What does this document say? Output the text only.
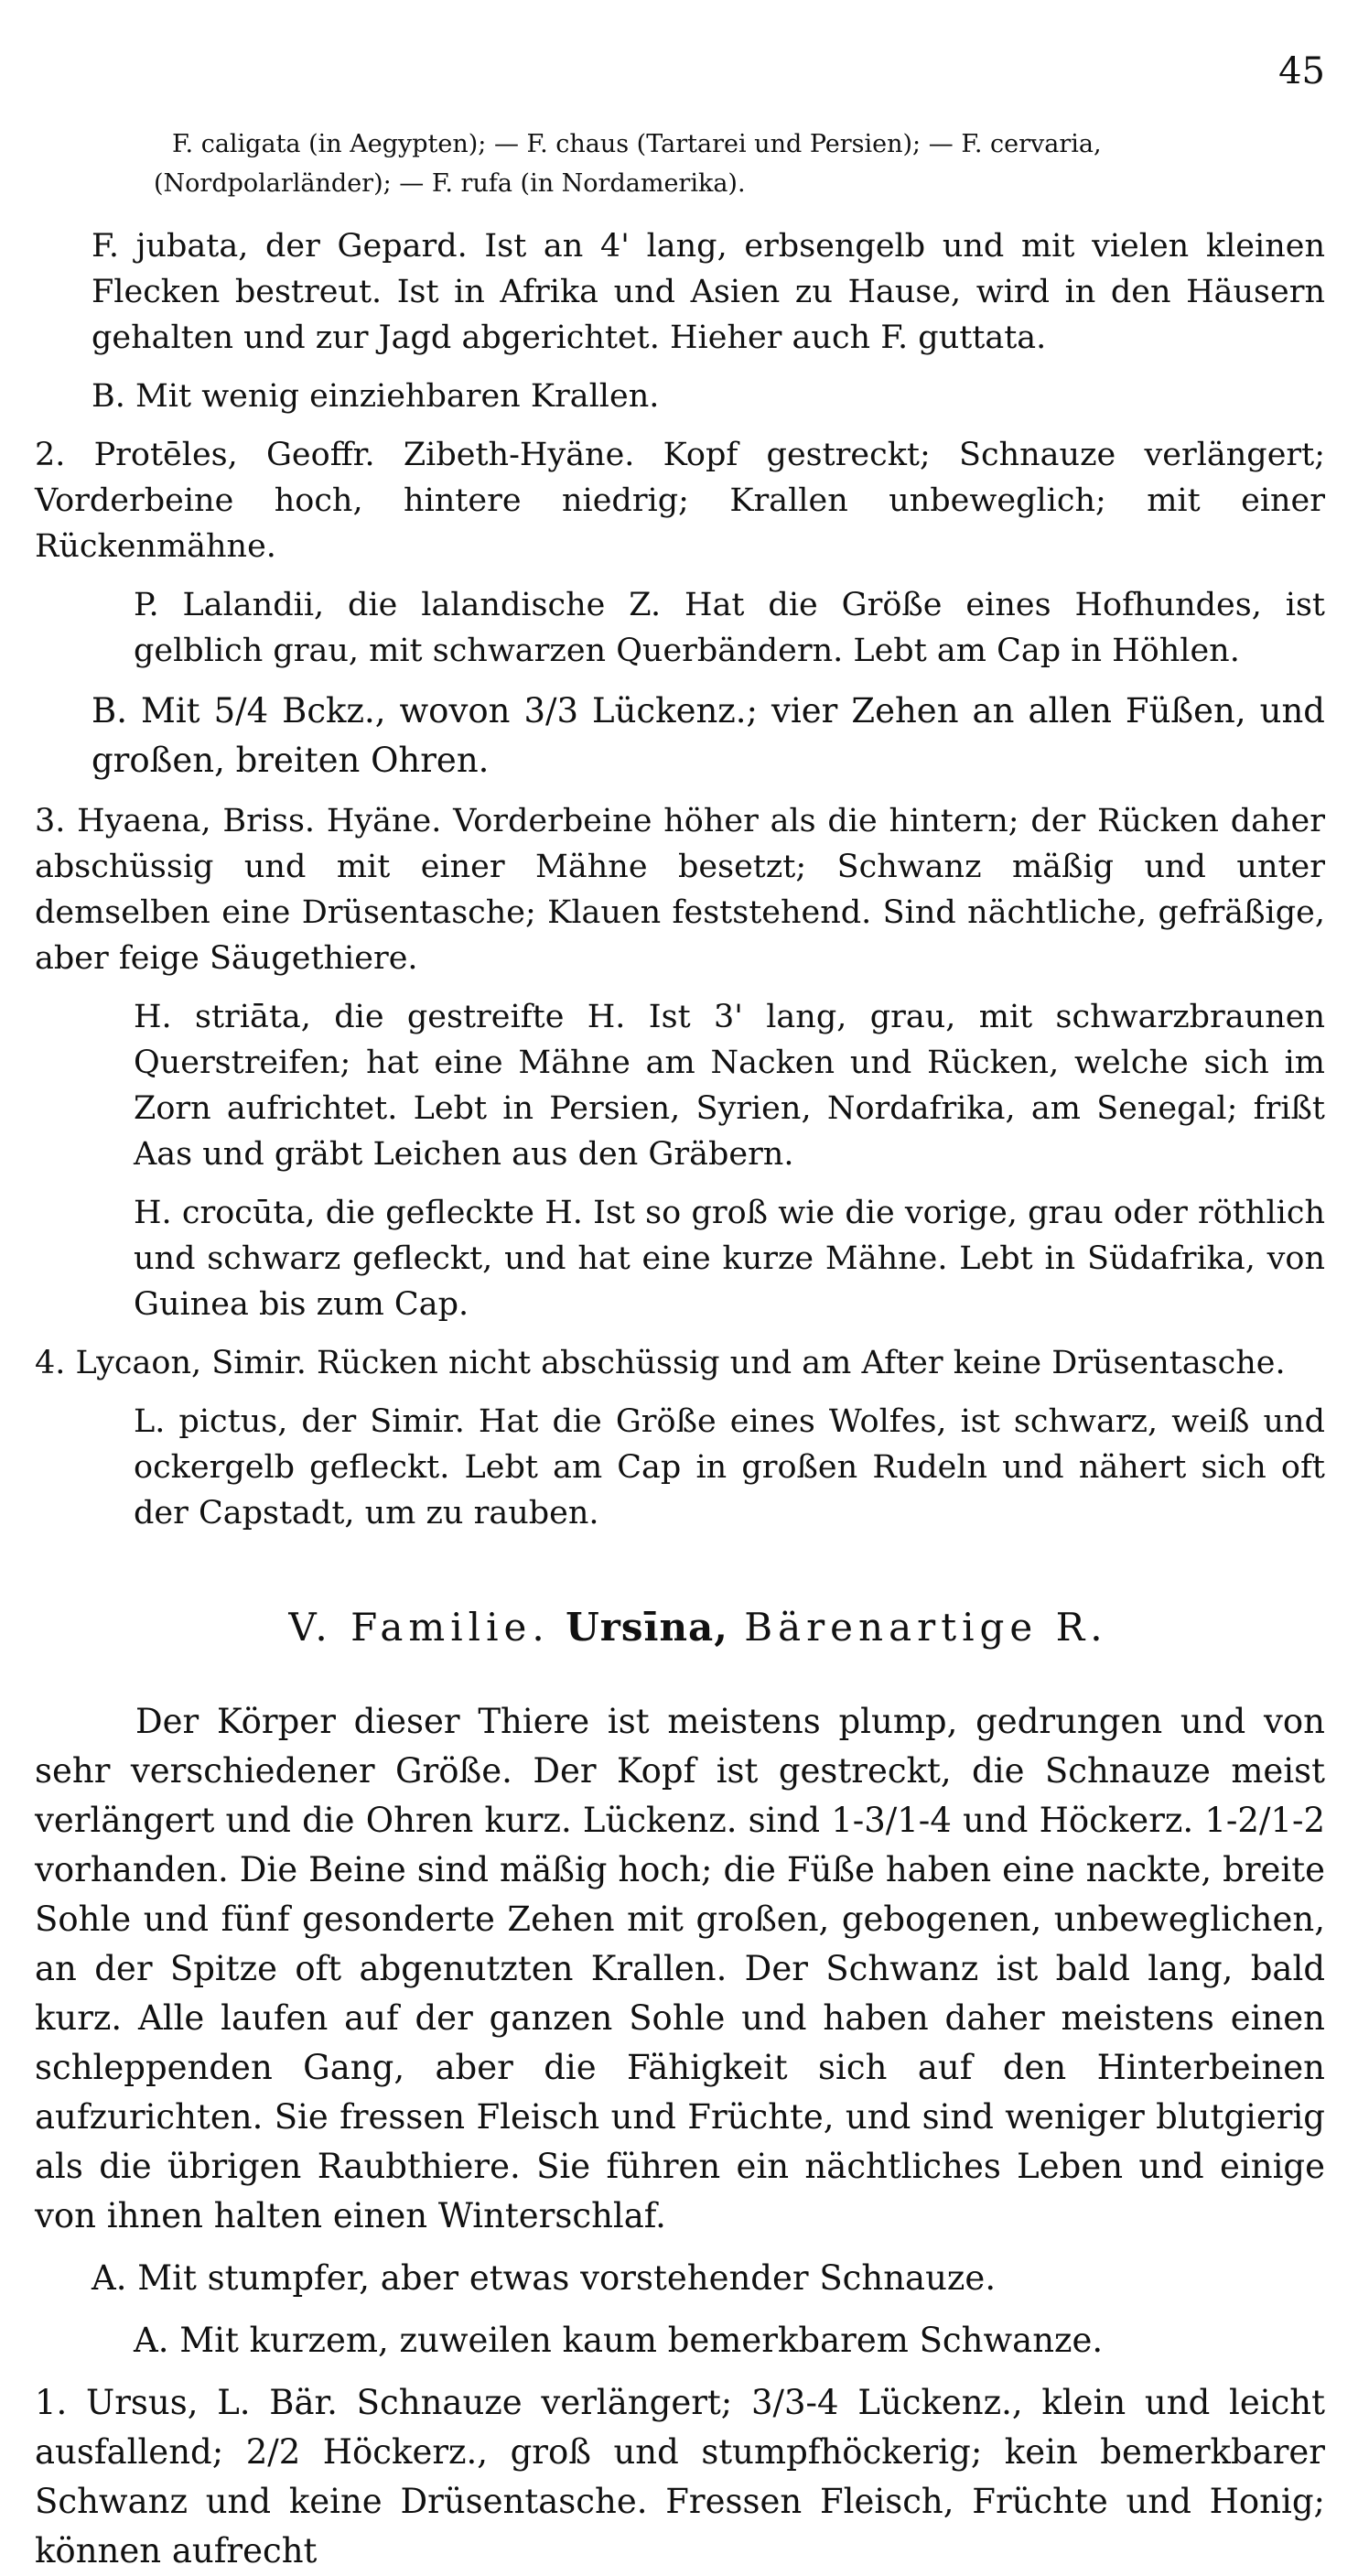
45
F. caligata (in Aegypten); — F. chaus (Tartarei und Persien); — F. cervaria,
(Nordpolarländer); — F. rufa (in Nordamerika).

F. jubata, der Gepard. Ist an 4' lang, erbsengelb und mit vielen kleinen Flecken bestreut. Ist in Afrika und Asien zu Hause, wird in den Häusern gehalten und zur Jagd abgerichtet. Hieher auch F. guttata.

B. Mit wenig einziehbaren Krallen.

2. Protēles, Geoffr. Zibeth-Hyäne. Kopf gestreckt; Schnauze verlängert; Vorderbeine hoch, hintere niedrig; Krallen unbeweglich; mit einer Rückenmähne.

P. Lalandii, die lalandische Z. Hat die Größe eines Hofhundes, ist gelblich grau, mit schwarzen Querbändern. Lebt am Cap in Höhlen.

B. Mit 5/4 Bckz., wovon 3/3 Lückenz.; vier Zehen an allen Füßen, und großen, breiten Ohren.

3. Hyaena, Briss. Hyäne. Vorderbeine höher als die hintern; der Rücken daher abschüssig und mit einer Mähne besetzt; Schwanz mäßig und unter demselben eine Drüsentasche; Klauen feststehend. Sind nächtliche, gefräßige, aber feige Säugethiere.

H. striāta, die gestreifte H. Ist 3' lang, grau, mit schwarzbraunen Querstreifen; hat eine Mähne am Nacken und Rücken, welche sich im Zorn aufrichtet. Lebt in Persien, Syrien, Nordafrika, am Senegal; frißt Aas und gräbt Leichen aus den Gräbern.

H. crocūta, die gefleckte H. Ist so groß wie die vorige, grau oder röthlich und schwarz gefleckt, und hat eine kurze Mähne. Lebt in Südafrika, von Guinea bis zum Cap.

4. Lycaon, Simir. Rücken nicht abschüssig und am After keine Drüsentasche.

L. pictus, der Simir. Hat die Größe eines Wolfes, ist schwarz, weiß und ockergelb gefleckt. Lebt am Cap in großen Rudeln und nähert sich oft der Capstadt, um zu rauben.

V. Familie. Ursīna, Bärenartige R.

Der Körper dieser Thiere ist meistens plump, gedrungen und von sehr verschiedener Größe. Der Kopf ist gestreckt, die Schnauze meist verlängert und die Ohren kurz. Lückenz. sind 1-3/1-4 und Höckerz. 1-2/1-2 vorhanden. Die Beine sind mäßig hoch; die Füße haben eine nackte, breite Sohle und fünf gesonderte Zehen mit großen, gebogenen, unbeweglichen, an der Spitze oft abgenutzten Krallen. Der Schwanz ist bald lang, bald kurz. Alle laufen auf der ganzen Sohle und haben daher meistens einen schleppenden Gang, aber die Fähigkeit sich auf den Hinterbeinen aufzurichten. Sie fressen Fleisch und Früchte, und sind weniger blutgierig als die übrigen Raubthiere. Sie führen ein nächtliches Leben und einige von ihnen halten einen Winterschlaf.

A. Mit stumpfer, aber etwas vorstehender Schnauze.

A. Mit kurzem, zuweilen kaum bemerkbarem Schwanze.

1. Ursus, L. Bär. Schnauze verlängert; 3/3-4 Lückenz., klein und leicht ausfallend; 2/2 Höckerz., groß und stumpfhöckerig; kein bemerkbarer Schwanz und keine Drüsentasche. Fressen Fleisch, Früchte und Honig; können aufrecht
